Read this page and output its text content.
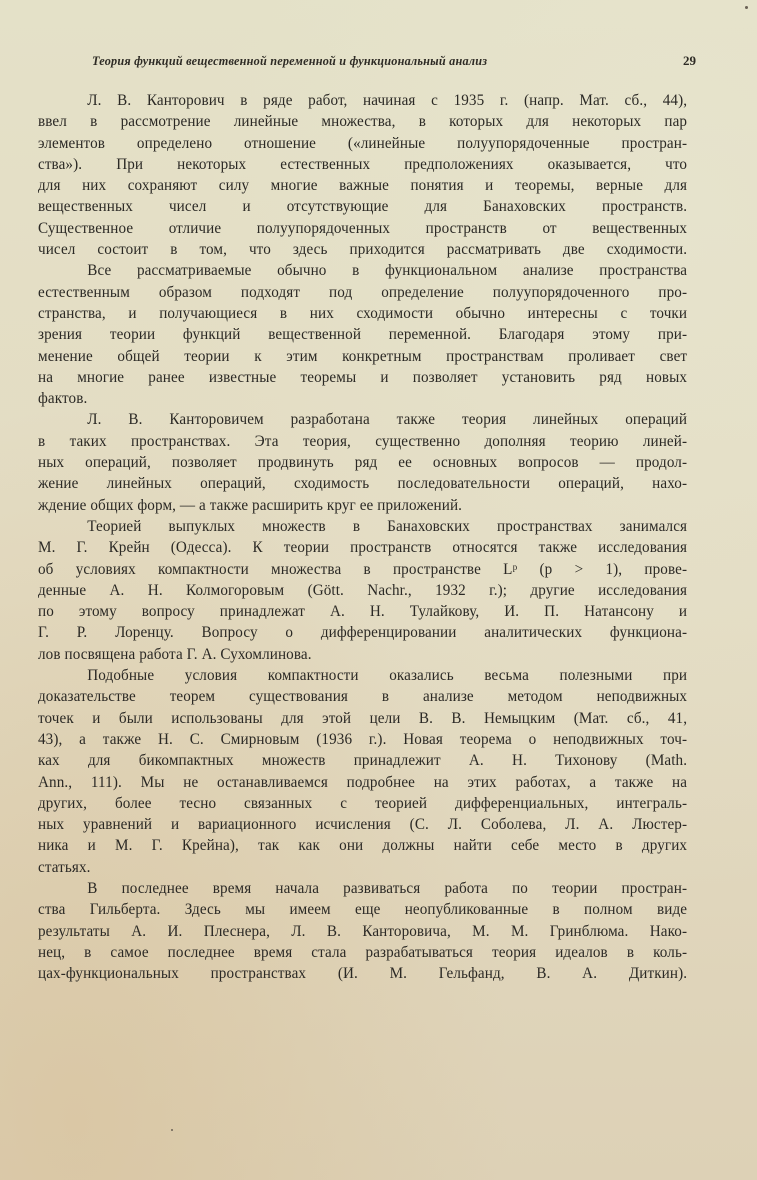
Теория функций вещественной переменной и функциональный анализ	29

Л. В. Канторович в ряде работ, начиная с 1935 г. (напр. Мат. сб., 44),
ввел в рассмотрение линейные множества, в которых для некоторых пар
элементов определено отношение («линейные полуупорядоченные простран-
ства»). При некоторых естественных предположениях оказывается, что
для них сохраняют силу многие важные понятия и теоремы, верные для
вещественных чисел и отсутствующие для Банаховских пространств.
Существенное отличие полуупорядоченных пространств от вещественных
чисел состоит в том, что здесь приходится рассматривать две сходимости.

Все рассматриваемые обычно в функциональном анализе пространства
естественным образом подходят под определение полуупорядоченного про-
странства, и получающиеся в них сходимости обычно интересны с точки
зрения теории функций вещественной переменной. Благодаря этому при-
менение общей теории к этим конкретным пространствам проливает свет
на многие ранее известные теоремы и позволяет установить ряд новых
фактов.

Л. В. Канторовичем разработана также теория линейных операций
в таких пространствах. Эта теория, существенно дополняя теорию линей-
ных операций, позволяет продвинуть ряд ее основных вопросов — продол-
жение линейных операций, сходимость последовательности операций, нахо-
ждение общих форм, — а также расширить круг ее приложений.

Теорией выпуклых множеств в Банаховских пространствах занимался
М. Г. Крейн (Одесса). К теории пространств относятся также исследования
об условиях компактности множества в пространстве Lᵖ (p > 1), прове-
денные А. Н. Колмогоровым (Gött. Nachr., 1932 г.); другие исследования
по этому вопросу принадлежат А. Н. Тулайкову, И. П. Натансону и
Г. Р. Лоренцу. Вопросу о дифференцировании аналитических функциона-
лов посвящена работа Г. А. Сухомлинова.

Подобные условия компактности оказались весьма полезными при
доказательстве теорем существования в анализе методом неподвижных
точек и были использованы для этой цели В. В. Немыцким (Мат. сб., 41,
43), а также Н. С. Смирновым (1936 г.). Новая теорема о неподвижных точ-
ках для бикомпактных множеств принадлежит А. Н. Тихонову (Math.
Ann., 111). Мы не останавливаемся подробнее на этих работах, а также на
других, более тесно связанных с теорией дифференциальных, интеграль-
ных уравнений и вариационного исчисления (С. Л. Соболева, Л. А. Люстер-
ника и М. Г. Крейна), так как они должны найти себе место в других
статьях.

В последнее время начала развиваться работа по теории простран-
ства Гильберта. Здесь мы имеем еще неопубликованные в полном виде
результаты А. И. Плеснера, Л. В. Канторовича, М. М. Гринблюма. Нако-
нец, в самое последнее время стала разрабатываться теория идеалов в коль-
цах-функциональных пространствах (И. М. Гельфанд, В. А. Диткин).
